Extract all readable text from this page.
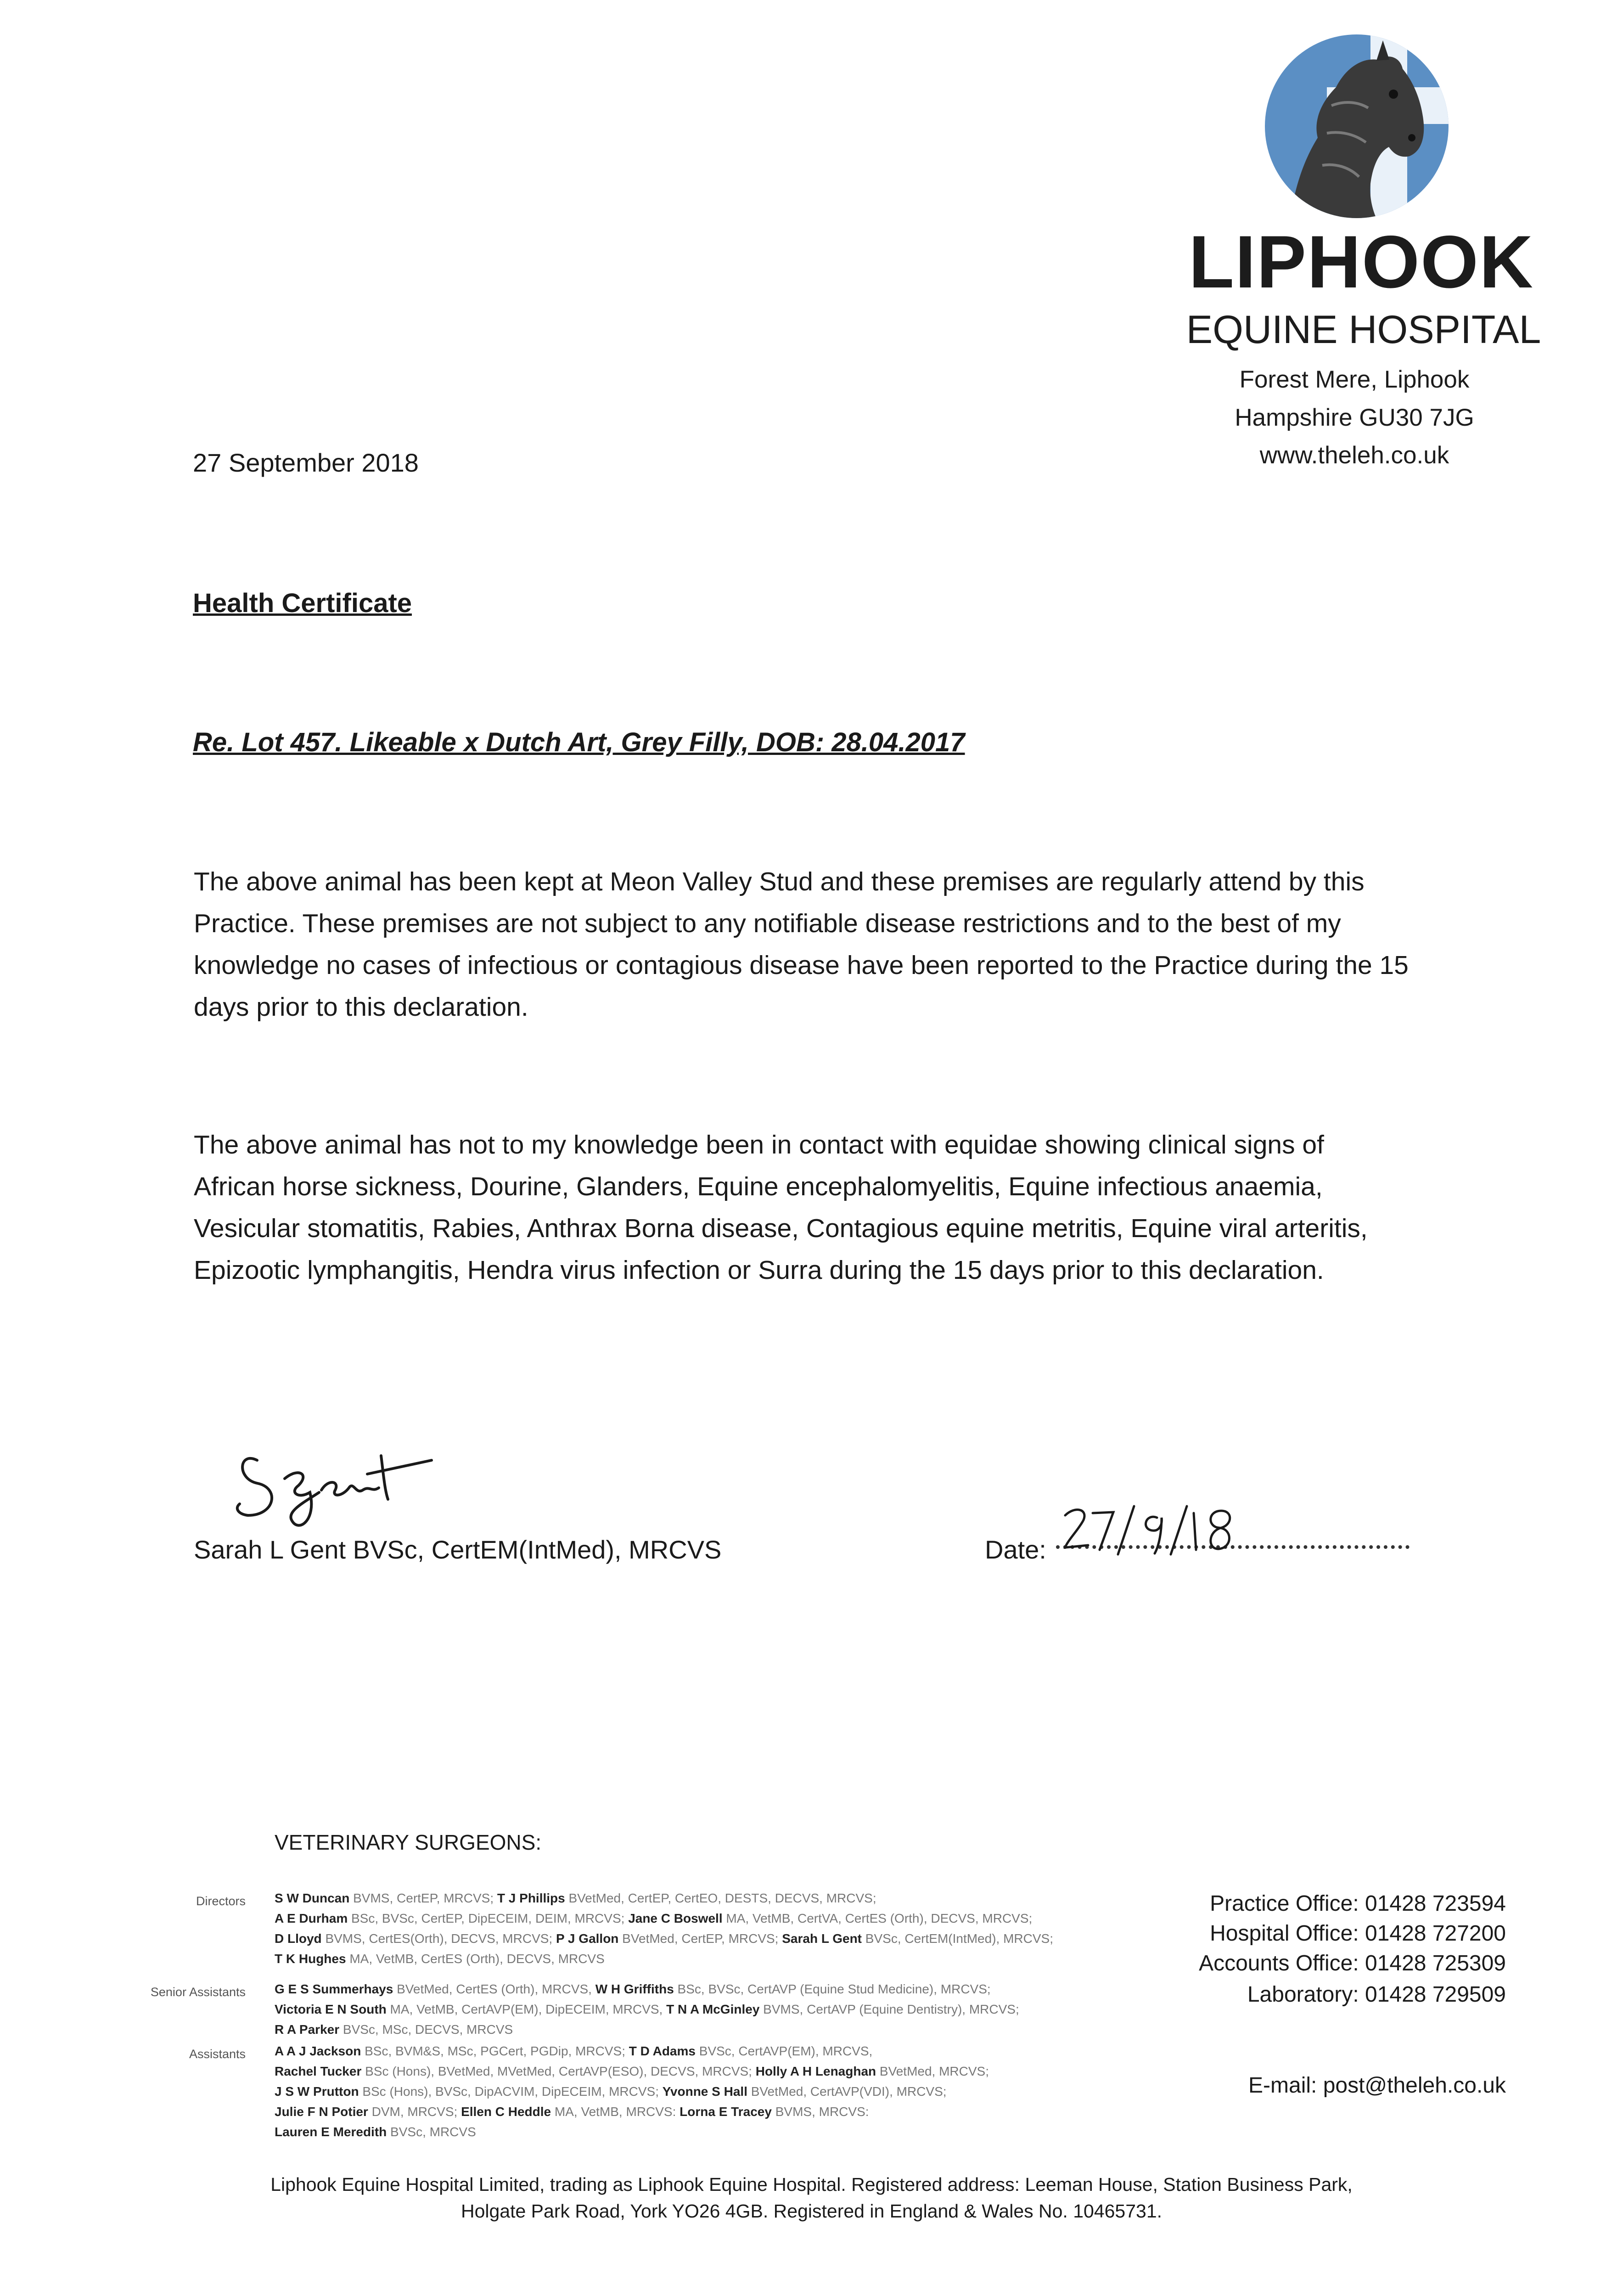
LIPHOOK
EQUINE HOSPITAL
Forest Mere, Liphook
Hampshire GU30 7JG
www.theleh.co.uk
27 September 2018
Health Certificate
Re. Lot 457. Likeable x Dutch Art, Grey Filly, DOB: 28.04.2017
The above animal has been kept at Meon Valley Stud and these premises are regularly attend by this
Practice. These premises are not subject to any notifiable disease restrictions and to the best of my
knowledge no cases of infectious or contagious disease have been reported to the Practice during the 15
days prior to this declaration.
The above animal has not to my knowledge been in contact with equidae showing clinical signs of
African horse sickness, Dourine, Glanders, Equine encephalomyelitis, Equine infectious anaemia,
Vesicular stomatitis, Rabies, Anthrax Borna disease, Contagious equine metritis, Equine viral arteritis,
Epizootic lymphangitis, Hendra virus infection or Surra during the 15 days prior to this declaration.
Sarah L Gent BVSc, CertEM(IntMed), MRCVS	Date:
VETERINARY SURGEONS:
Directors S W Duncan BVMS, CertEP, MRCVS; T J Phillips BVetMed, CertEP, CertEO, DESTS, DECVS, MRCVS;
A E Durham BSc, BVSc, CertEP, DipECEIM, DEIM, MRCVS; Jane C Boswell MA, VetMB, CertVA, CertES (Orth), DECVS, MRCVS;
D Lloyd BVMS, CertES(Orth), DECVS, MRCVS; P J Gallon BVetMed, CertEP, MRCVS; Sarah L Gent BVSc, CertEM(IntMed), MRCVS;
T K Hughes MA, VetMB, CertES (Orth), DECVS, MRCVS
Senior Assistants G E S Summerhays BVetMed, CertES (Orth), MRCVS, W H Griffiths BSc, BVSc, CertAVP (Equine Stud Medicine), MRCVS;
Victoria E N South MA, VetMB, CertAVP(EM), DipECEIM, MRCVS, T N A McGinley BVMS, CertAVP (Equine Dentistry), MRCVS;
R A Parker BVSc, MSc, DECVS, MRCVS
Assistants A A J Jackson BSc, BVM&S, MSc, PGCert, PGDip, MRCVS; T D Adams BVSc, CertAVP(EM), MRCVS,
Rachel Tucker BSc (Hons), BVetMed, MVetMed, CertAVP(ESO), DECVS, MRCVS; Holly A H Lenaghan BVetMed, MRCVS;
J S W Prutton BSc (Hons), BVSc, DipACVIM, DipECEIM, MRCVS; Yvonne S Hall BVetMed, CertAVP(VDI), MRCVS;
Julie F N Potier DVM, MRCVS; Ellen C Heddle MA, VetMB, MRCVS: Lorna E Tracey BVMS, MRCVS:
Lauren E Meredith BVSc, MRCVS
Practice Office: 01428 723594
Hospital Office: 01428 727200
Accounts Office: 01428 725309
Laboratory: 01428 729509
E-mail: post@theleh.co.uk
Liphook Equine Hospital Limited, trading as Liphook Equine Hospital. Registered address: Leeman House, Station Business Park,
Holgate Park Road, York YO26 4GB. Registered in England & Wales No. 10465731.
